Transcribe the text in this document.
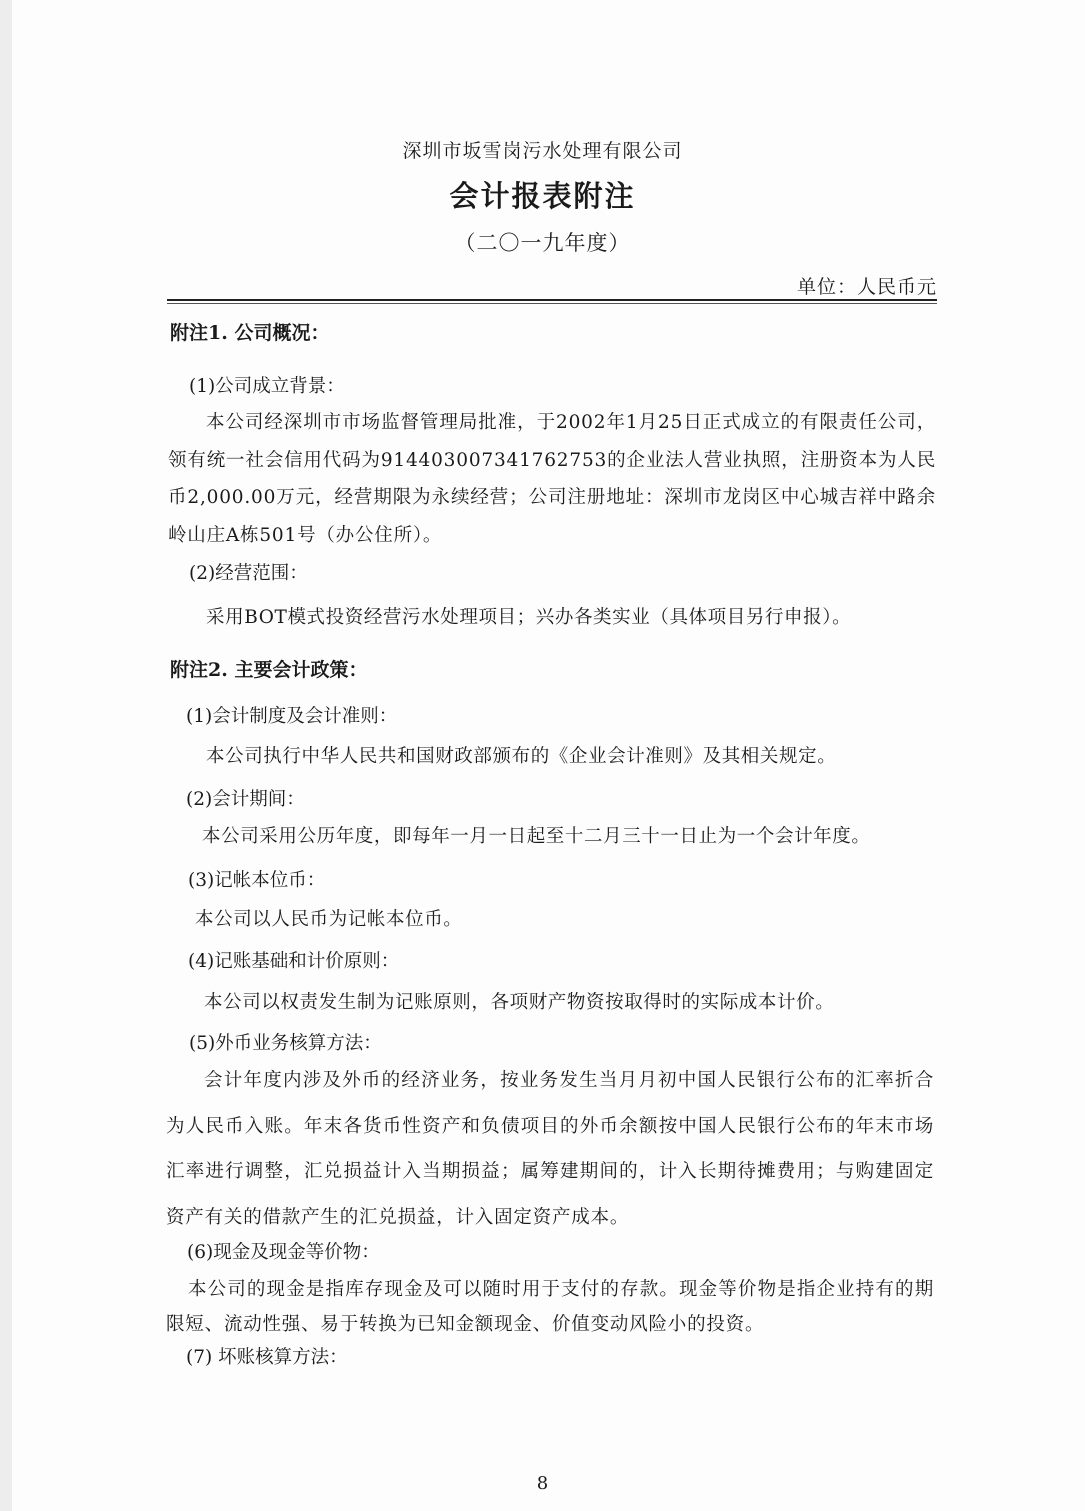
深圳市坂雪岗污水处理有限公司
会计报表附注
（二〇一九年度）
单位：人民币元
附注1. 公司概况：
(1)公司成立背景：
本公司经深圳市市场监督管理局批准，于2002年1月25日正式成立的有限责任公司，领有统一社会信用代码为914403007341762753的企业法人营业执照，注册资本为人民币2,000.00万元，经营期限为永续经营；公司注册地址：深圳市龙岗区中心城吉祥中路余岭山庄A栋501号（办公住所）。
(2)经营范围：
采用BOT模式投资经营污水处理项目；兴办各类实业（具体项目另行申报）。
附注2. 主要会计政策：
(1)会计制度及会计准则：
本公司执行中华人民共和国财政部颁布的《企业会计准则》及其相关规定。
(2)会计期间：
本公司采用公历年度，即每年一月一日起至十二月三十一日止为一个会计年度。
(3)记帐本位币：
本公司以人民币为记帐本位币。
(4)记账基础和计价原则：
本公司以权责发生制为记账原则，各项财产物资按取得时的实际成本计价。
(5)外币业务核算方法：
会计年度内涉及外币的经济业务，按业务发生当月月初中国人民银行公布的汇率折合为人民币入账。年末各货币性资产和负债项目的外币余额按中国人民银行公布的年末市场汇率进行调整，汇兑损益计入当期损益；属筹建期间的，计入长期待摊费用；与购建固定资产有关的借款产生的汇兑损益，计入固定资产成本。
(6)现金及现金等价物：
本公司的现金是指库存现金及可以随时用于支付的存款。现金等价物是指企业持有的期限短、流动性强、易于转换为已知金额现金、价值变动风险小的投资。
(7) 坏账核算方法：
8
